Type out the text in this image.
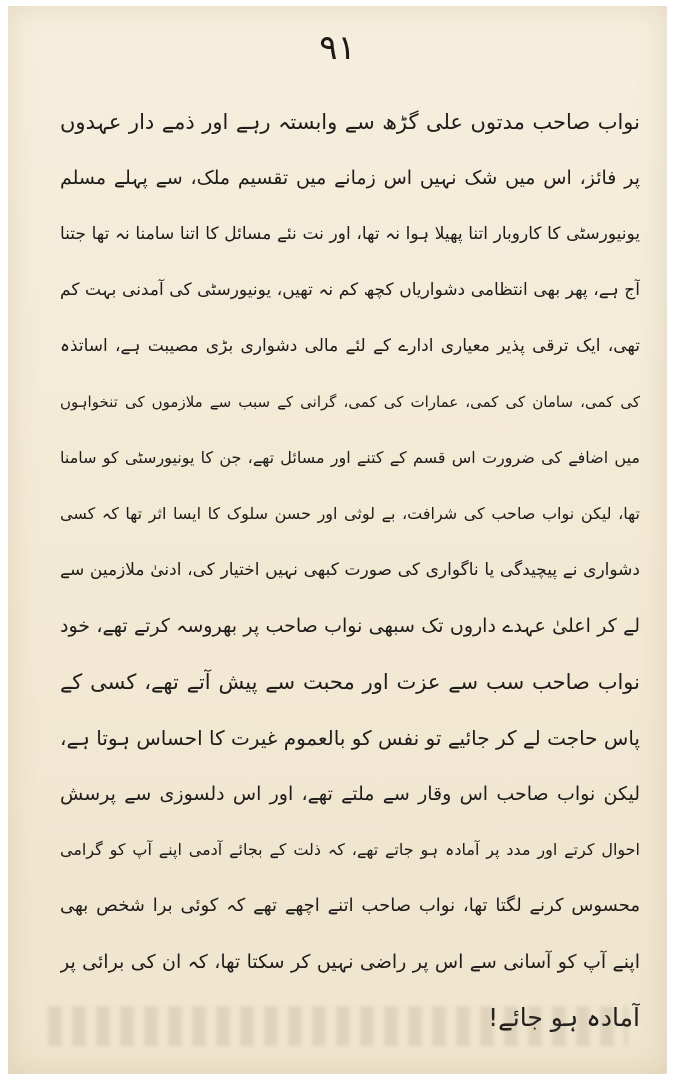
٩١
نواب صاحب مدتوں علی گڑھ سے وابستہ رہے اور ذمے دار عہدوں
پر فائز، اس میں شک نہیں اس زمانے میں تقسیم ملک، سے پہلے مسلم
یونیورسٹی کا کاروبار اتنا پھیلا ہوا نہ تھا، اور نت نئے مسائل کا اتنا سامنا نہ تھا جتنا
آج ہے، پھر بھی انتظامی دشواریاں کچھ کم نہ تھیں، یونیورسٹی کی آمدنی بہت کم
تھی، ایک ترقی پذیر معیاری ادارے کے لئے مالی دشواری بڑی مصیبت ہے، اساتذہ
کی کمی، سامان کی کمی، عمارات کی کمی، گرانی کے سبب سے ملازموں کی تنخواہوں
میں اضافے کی ضرورت اس قسم کے کتنے اور مسائل تھے، جن کا یونیورسٹی کو سامنا
تھا، لیکن نواب صاحب کی شرافت، بے لوثی اور حسن سلوک کا ایسا اثر تھا کہ کسی
دشواری نے پیچیدگی یا ناگواری کی صورت کبھی نہیں اختیار کی، ادنیٰ ملازمین سے
لے کر اعلیٰ عہدے داروں تک سبھی نواب صاحب پر بھروسہ کرتے تھے، خود
نواب صاحب سب سے عزت اور محبت سے پیش آتے تھے، کسی کے
پاس حاجت لے کر جائیے تو نفس کو بالعموم غیرت کا احساس ہوتا ہے،
لیکن نواب صاحب اس وقار سے ملتے تھے، اور اس دلسوزی سے پرسش
احوال کرتے اور مدد پر آمادہ ہو جاتے تھے، کہ ذلت کے بجائے آدمی اپنے آپ کو گرامی
محسوس کرنے لگتا تھا، نواب صاحب اتنے اچھے تھے کہ کوئی برا شخص بھی
اپنے آپ کو آسانی سے اس پر راضی نہیں کر سکتا تھا، کہ ان کی برائی پر
آمادہ ہو جائے!
